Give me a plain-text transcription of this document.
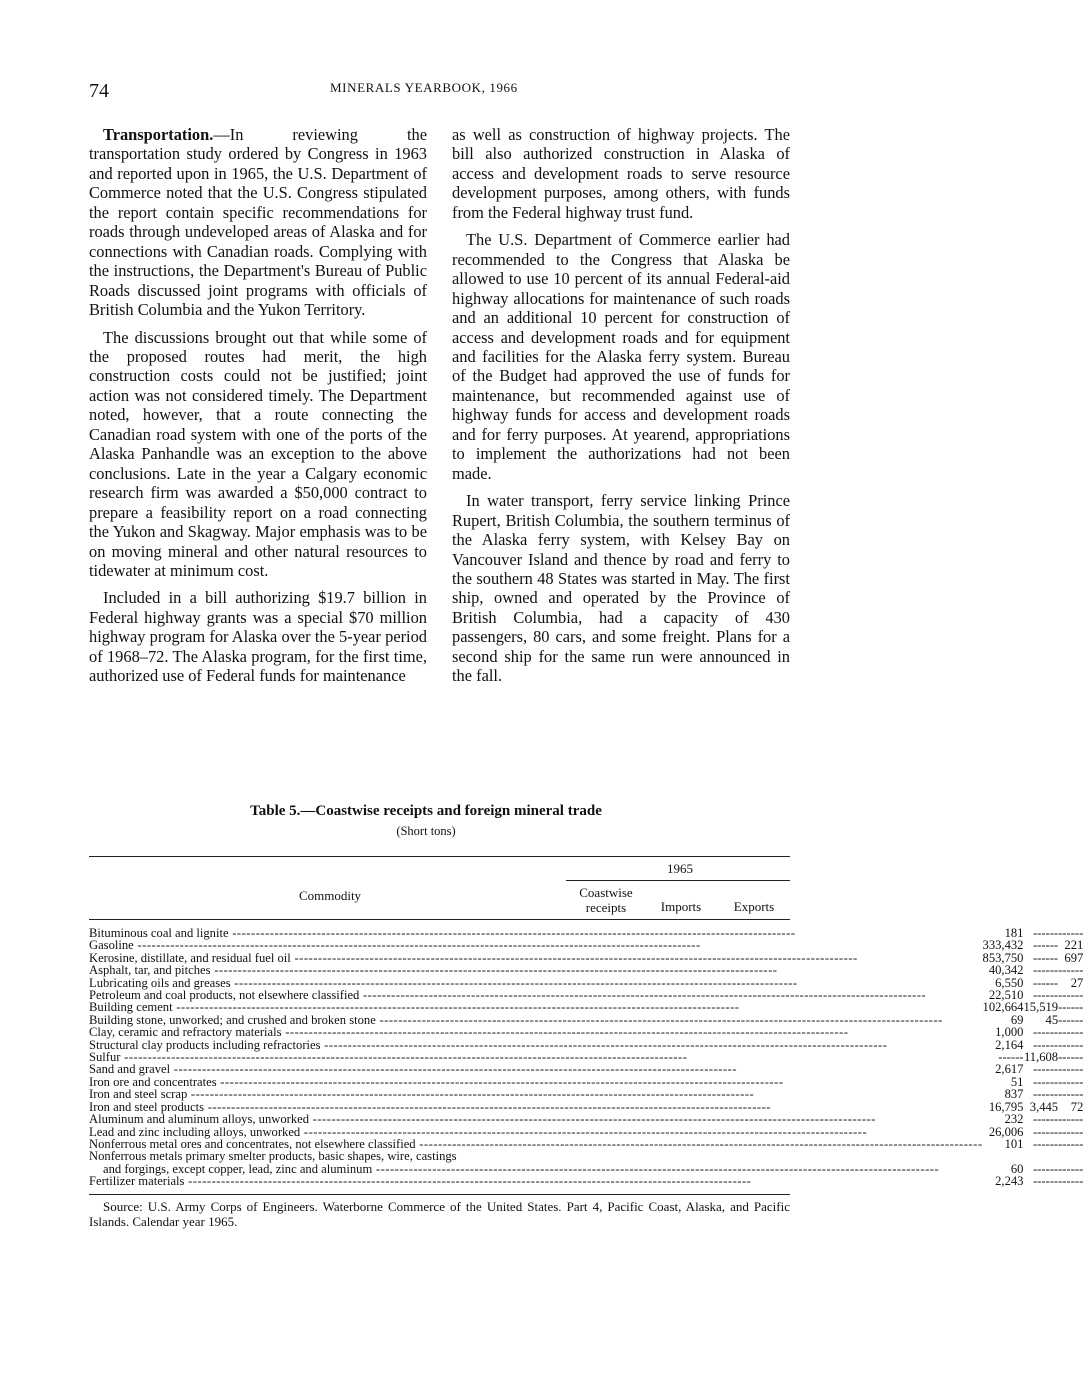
74	MINERALS YEARBOOK, 1966

Transportation.—In reviewing the transportation study ordered by Congress in 1963 and reported upon in 1965, the U.S. Department of Commerce noted that the U.S. Congress stipulated the report contain specific recommendations for roads through undeveloped areas of Alaska and for connections with Canadian roads. Complying with the instructions, the Department's Bureau of Public Roads discussed joint programs with officials of British Columbia and the Yukon Territory.

The discussions brought out that while some of the proposed routes had merit, the high construction costs could not be justified; joint action was not considered timely. The Department noted, however, that a route connecting the Canadian road system with one of the ports of the Alaska Panhandle was an exception to the above conclusions. Late in the year a Calgary economic research firm was awarded a $50,000 contract to prepare a feasibility report on a road connecting the Yukon and Skagway. Major emphasis was to be on moving mineral and other natural resources to tidewater at minimum cost.

Included in a bill authorizing $19.7 billion in Federal highway grants was a special $70 million highway program for Alaska over the 5-year period of 1968–72. The Alaska program, for the first time, authorized use of Federal funds for maintenance

as well as construction of highway projects. The bill also authorized construction in Alaska of access and development roads to serve resource development purposes, among others, with funds from the Federal highway trust fund.

The U.S. Department of Commerce earlier had recommended to the Congress that Alaska be allowed to use 10 percent of its annual Federal-aid highway allocations for maintenance of such roads and an additional 10 percent for construction of access and development roads and for equipment and facilities for the Alaska ferry system. Bureau of the Budget had approved the use of funds for maintenance, but recommended against use of highway funds for access and development roads and for ferry purposes. At yearend, appropriations to implement the authorizations had not been made.

In water transport, ferry service linking Prince Rupert, British Columbia, the southern terminus of the Alaska ferry system, with Kelsey Bay on Vancouver Island and thence by road and ferry to the southern 48 States was started in May. The first ship, owned and operated by the Province of British Columbia, had a capacity of 430 passengers, 80 cars, and some freight. Plans for a second ship for the same run were announced in the fall.

Table 5.—Coastwise receipts and foreign mineral trade
(Short tons)
1965
Commodity	Coastwise
receipts	Imports	Exports
Bituminous coal and lignite -----	181	------	------

Gasoline -----	333,432	------	221

Kerosine, distillate, and residual fuel oil -----	853,750	------	697

Asphalt, tar, and pitches -----	40,342	------	------

Lubricating oils and greases -----	6,550	------	27

Petroleum and coal products, not elsewhere classified -----	22,510	------	------

Building cement -----	102,664	15,519	------

Building stone, unworked; and crushed and broken stone -----	69	45	------

Clay, ceramic and refractory materials -----	1,000	------	------

Structural clay products including refractories -----	2,164	------	------

Sulfur -----	------	11,608	------

Sand and gravel -----	2,617	------	------

Iron ore and concentrates -----	51	------	------

Iron and steel scrap -----	837	------	------

Iron and steel products -----	16,795	3,445	72

Aluminum and aluminum alloys, unworked -----	232	------	------

Lead and zinc including alloys, unworked -----	26,006	------	------

Nonferrous metal ores and concentrates, not elsewhere classified -----	101	------	------

Nonferrous metals primary smelter products, basic shapes, wire, castings			

and forgings, except copper, lead, zinc and aluminum -----	60	------	------

Fertilizer materials -----	2,243	------	------
Source: U.S. Army Corps of Engineers. Waterborne Commerce of the United States. Part 4, Pacific Coast, Alaska, and Pacific Islands. Calendar year 1965.
